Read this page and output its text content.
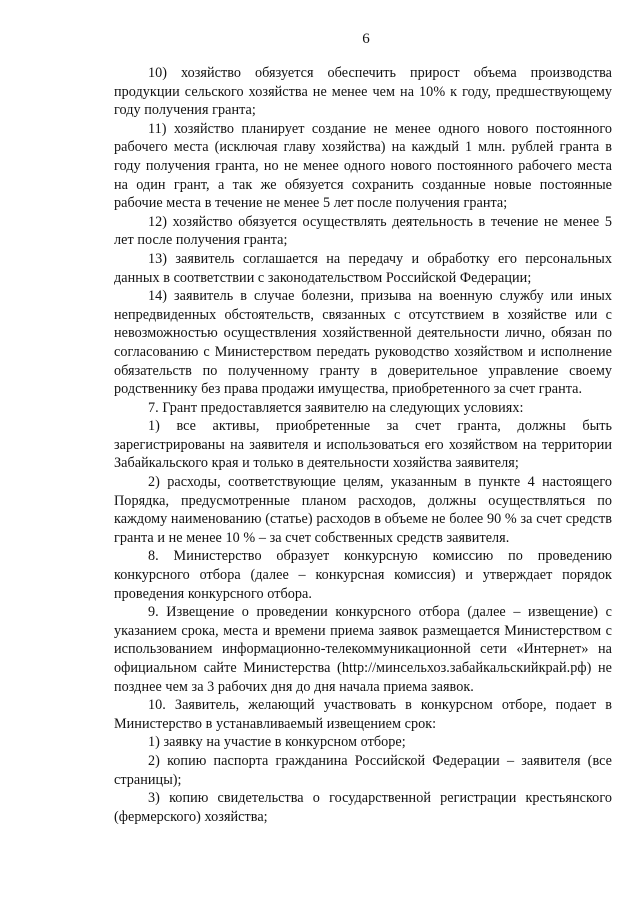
6

10) хозяйство обязуется обеспечить прирост объема производства продукции сельского хозяйства не менее чем на 10% к году, предшествующему году получения гранта;

11) хозяйство планирует создание не менее одного нового постоянного рабочего места (исключая главу хозяйства) на каждый 1 млн. рублей гранта в году получения гранта, но не менее одного нового постоянного рабочего места на один грант, а так же обязуется сохранить созданные новые постоянные рабочие места в течение не менее 5 лет после получения гранта;

12) хозяйство обязуется осуществлять деятельность в течение не менее 5 лет после получения гранта;

13) заявитель соглашается на передачу и обработку его персональных данных в соответствии с законодательством Российской Федерации;

14) заявитель в случае болезни, призыва на военную службу или иных непредвиденных обстоятельств, связанных с отсутствием в хозяйстве или с невозможностью осуществления хозяйственной деятельности лично, обязан по согласованию с Министерством передать руководство хозяйством и исполнение обязательств по полученному гранту в доверительное управление своему родственнику без права продажи имущества, приобретенного за счет гранта.

7. Грант предоставляется заявителю на следующих условиях:

1) все активы, приобретенные за счет гранта, должны быть зарегистрированы на заявителя и использоваться его хозяйством на территории Забайкальского края и только в деятельности хозяйства заявителя;

2) расходы, соответствующие целям, указанным в пункте 4 настоящего Порядка, предусмотренные планом расходов, должны осуществляться по каждому наименованию (статье) расходов в объеме не более 90 % за счет средств гранта и не менее 10 % – за счет собственных средств заявителя.

8. Министерство образует конкурсную комиссию по проведению конкурсного отбора (далее – конкурсная комиссия) и утверждает порядок проведения конкурсного отбора.

9. Извещение о проведении конкурсного отбора (далее – извещение) с указанием срока, места и времени приема заявок размещается Министерством с использованием информационно-телекоммуникационной сети «Интернет» на официальном сайте Министерства (http://минсельхоз.забайкальскийкрай.рф) не позднее чем за 3 рабочих дня до дня начала приема заявок.

10. Заявитель, желающий участвовать в конкурсном отборе, подает в Министерство в устанавливаемый извещением срок:

1) заявку на участие в конкурсном отборе;

2) копию паспорта гражданина Российской Федерации – заявителя (все страницы);

3) копию свидетельства о государственной регистрации крестьянского (фермерского) хозяйства;
